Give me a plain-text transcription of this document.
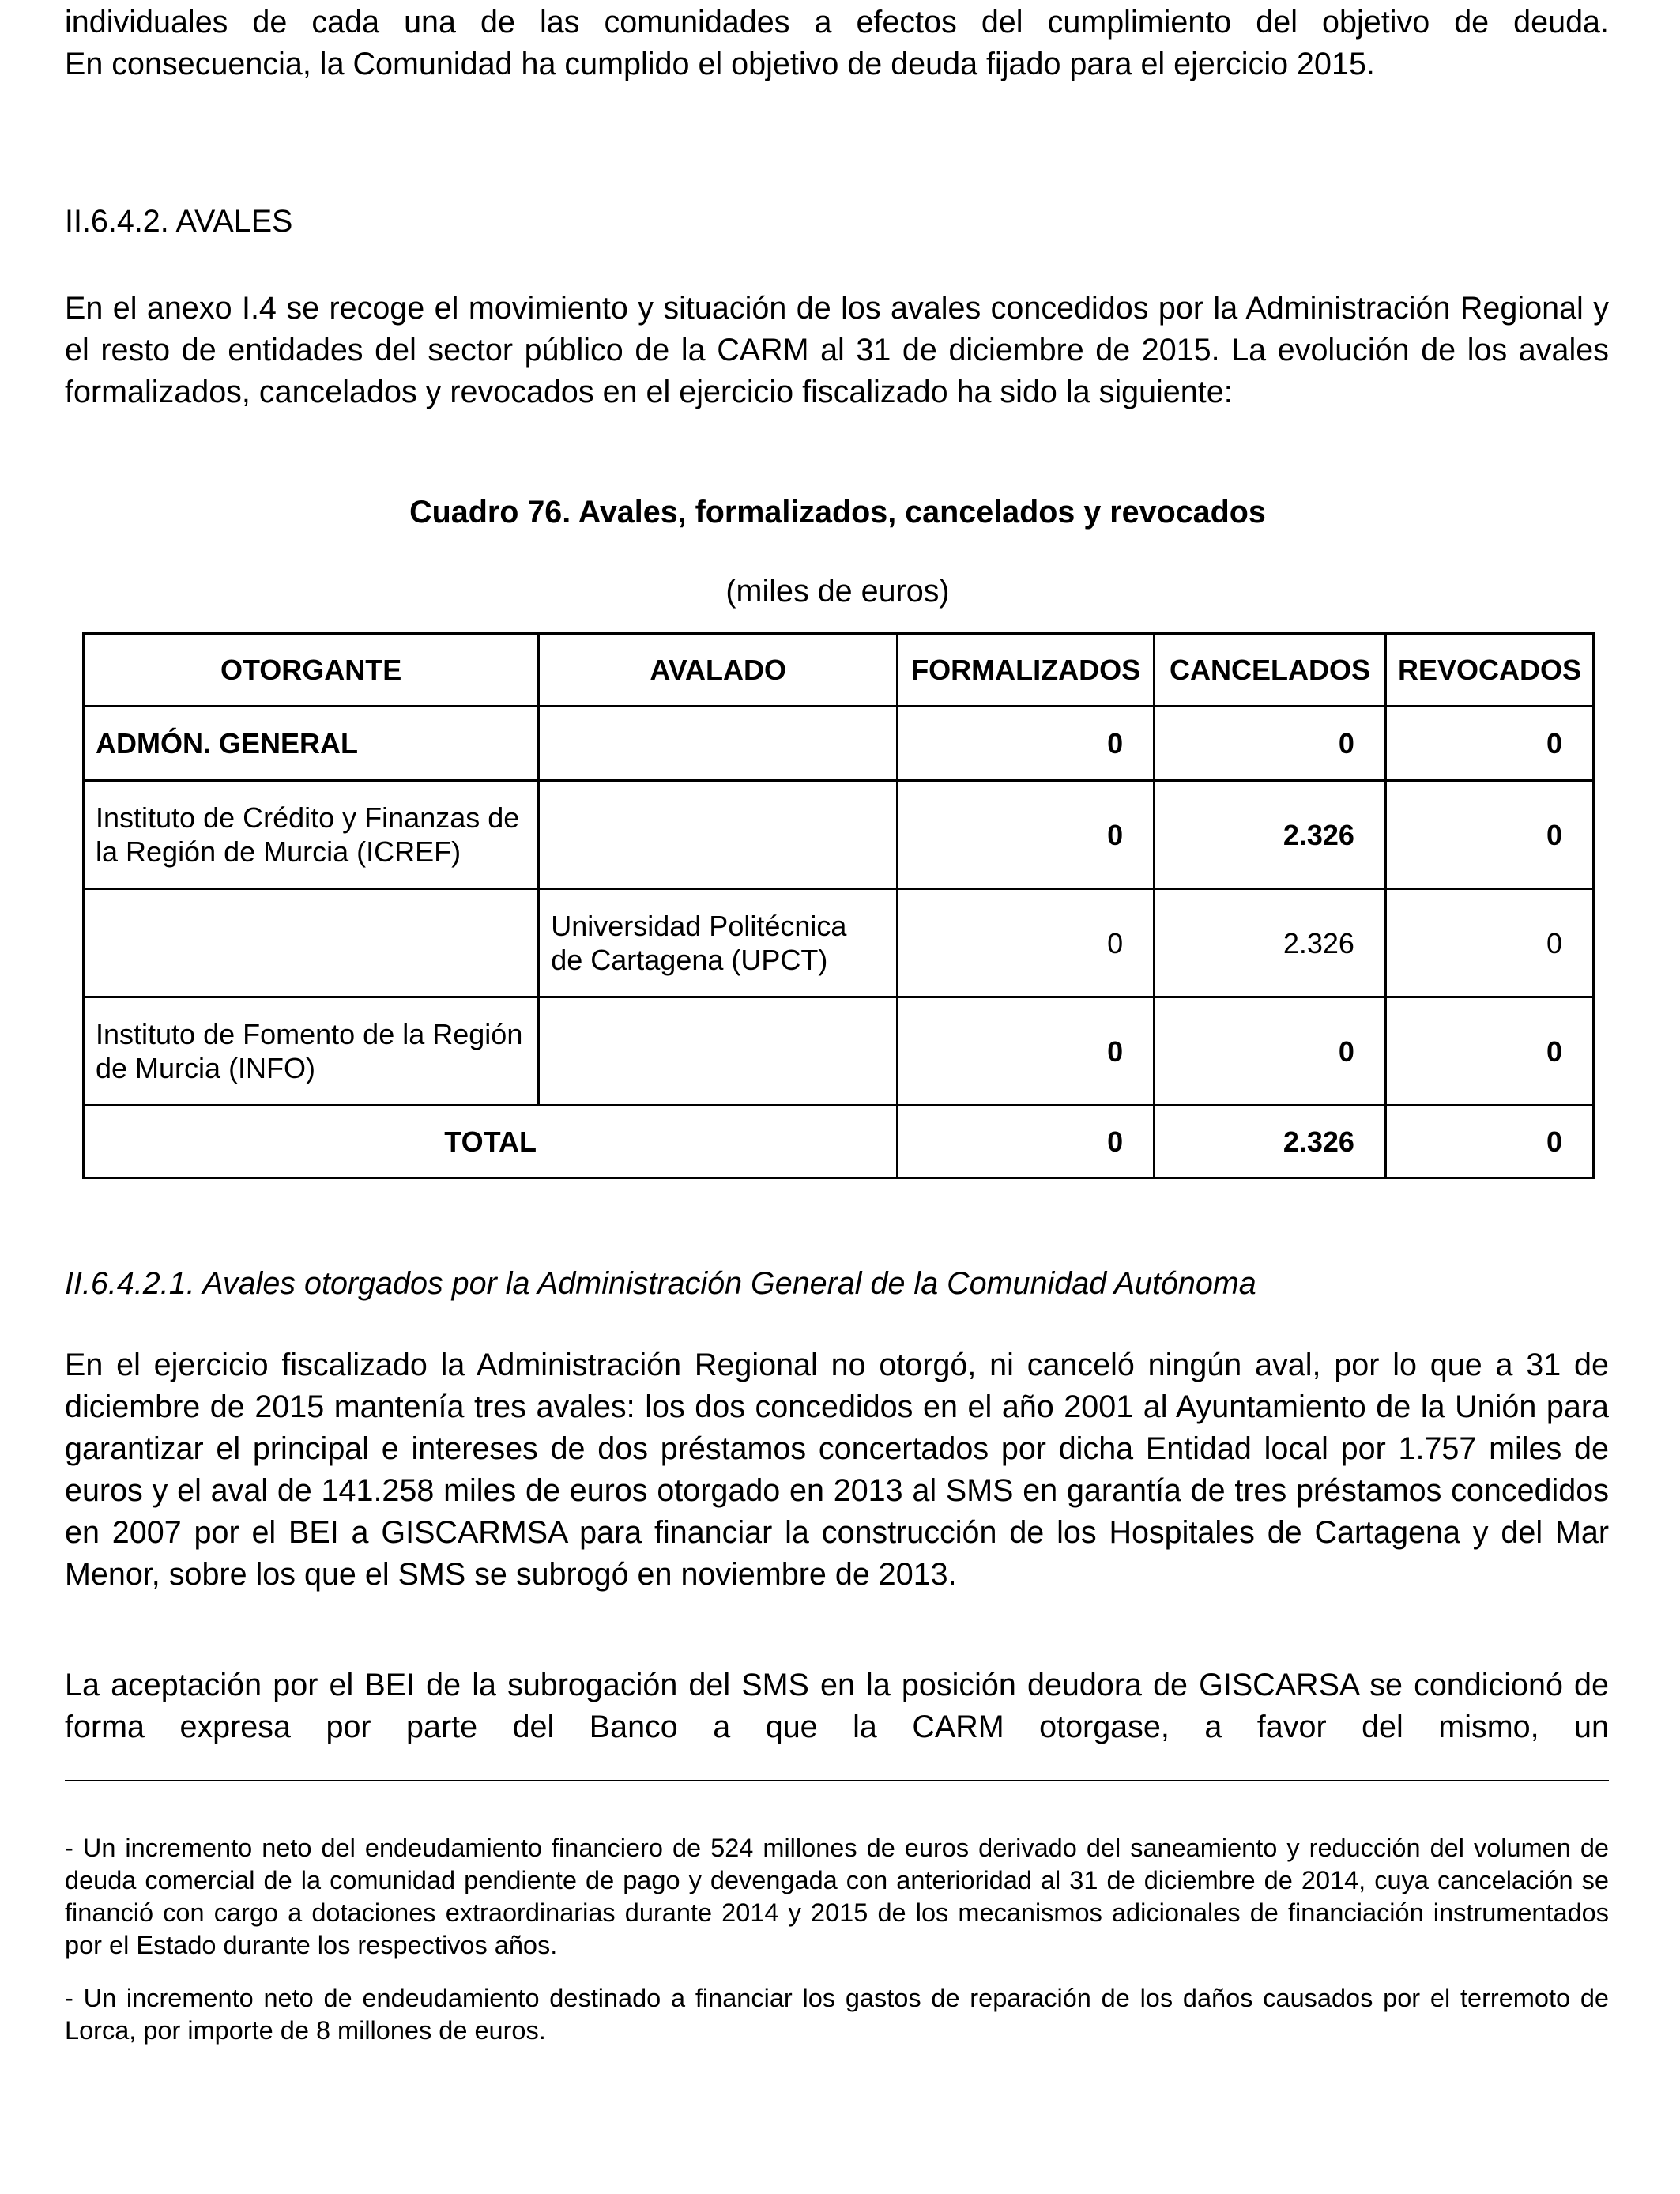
individuales de cada una de las comunidades a efectos del cumplimiento del objetivo de deuda.

En consecuencia, la Comunidad ha cumplido el objetivo de deuda fijado para el ejercicio 2015.

II.6.4.2. AVALES

En el anexo I.4 se recoge el movimiento y situación de los avales concedidos por la Administración Regional y el resto de entidades del sector público de la CARM al 31 de diciembre de 2015. La evolución de los avales formalizados, cancelados y revocados en el ejercicio fiscalizado ha sido la siguiente:

Cuadro 76. Avales, formalizados, cancelados y revocados

(miles de euros)

OTORGANTE	AVALADO	FORMALIZADOS	CANCELADOS	REVOCADOS
ADMÓN. GENERAL		0	0	0
Instituto de Crédito y Finanzas de la Región de Murcia (ICREF)		0	2.326	0
	Universidad Politécnica de Cartagena (UPCT)	0	2.326	0
Instituto de Fomento de la Región de Murcia (INFO)		0	0	0
TOTAL		0	2.326	0

II.6.4.2.1. Avales otorgados por la Administración General de la Comunidad Autónoma

En el ejercicio fiscalizado la Administración Regional no otorgó, ni canceló ningún aval, por lo que a 31 de diciembre de 2015 mantenía tres avales: los dos concedidos en el año 2001 al Ayuntamiento de la Unión para garantizar el principal e intereses de dos préstamos concertados por dicha Entidad local por 1.757 miles de euros y el aval de 141.258 miles de euros otorgado en 2013 al SMS en garantía de tres préstamos concedidos en 2007 por el BEI a GISCARMSA para financiar la construcción de los Hospitales de Cartagena y del Mar Menor, sobre los que el SMS se subrogó en noviembre de 2013.

La aceptación por el BEI de la subrogación del SMS en la posición deudora de GISCARSA se condicionó de forma expresa por parte del Banco a que la CARM otorgase, a favor del mismo, un

- Un incremento neto del endeudamiento financiero de 524 millones de euros derivado del saneamiento y reducción del volumen de deuda comercial de la comunidad pendiente de pago y devengada con anterioridad al 31 de diciembre de 2014, cuya cancelación se financió con cargo a dotaciones extraordinarias durante 2014 y 2015 de los mecanismos adicionales de financiación instrumentados por el Estado durante los respectivos años.

- Un incremento neto de endeudamiento destinado a financiar los gastos de reparación de los daños causados por el terremoto de Lorca, por importe de 8 millones de euros.
